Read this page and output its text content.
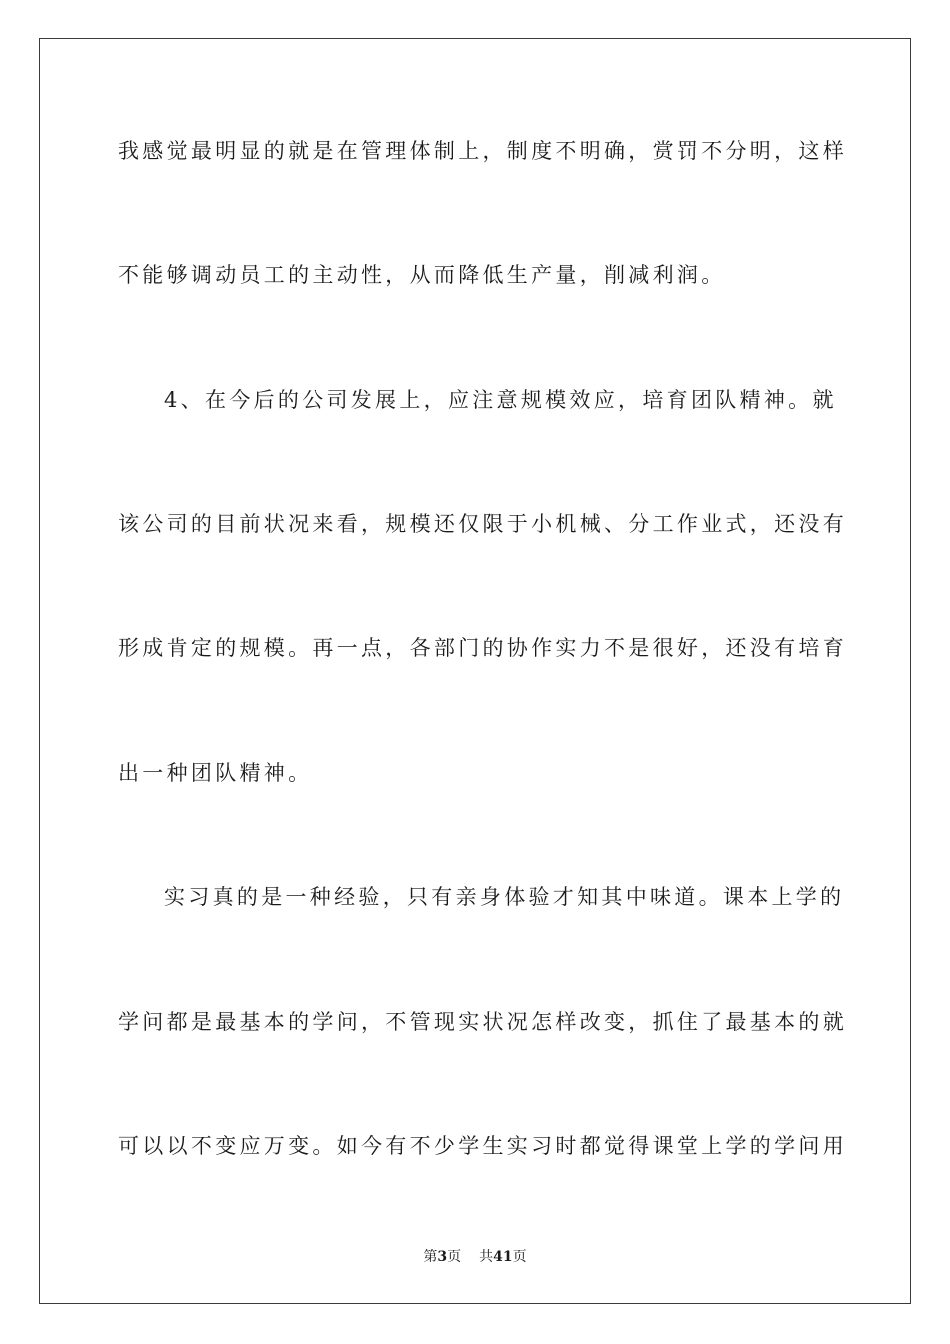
我感觉最明显的就是在管理体制上，制度不明确，赏罚不分明，这样
不能够调动员工的主动性，从而降低生产量，削减利润。
4、在今后的公司发展上，应注意规模效应，培育团队精神。就
该公司的目前状况来看，规模还仅限于小机械、分工作业式，还没有
形成肯定的规模。再一点，各部门的协作实力不是很好，还没有培育
出一种团队精神。
实习真的是一种经验，只有亲身体验才知其中味道。课本上学的
学问都是最基本的学问，不管现实状况怎样改变，抓住了最基本的就
可以以不变应万变。如今有不少学生实习时都觉得课堂上学的学问用
第3页 共41页
